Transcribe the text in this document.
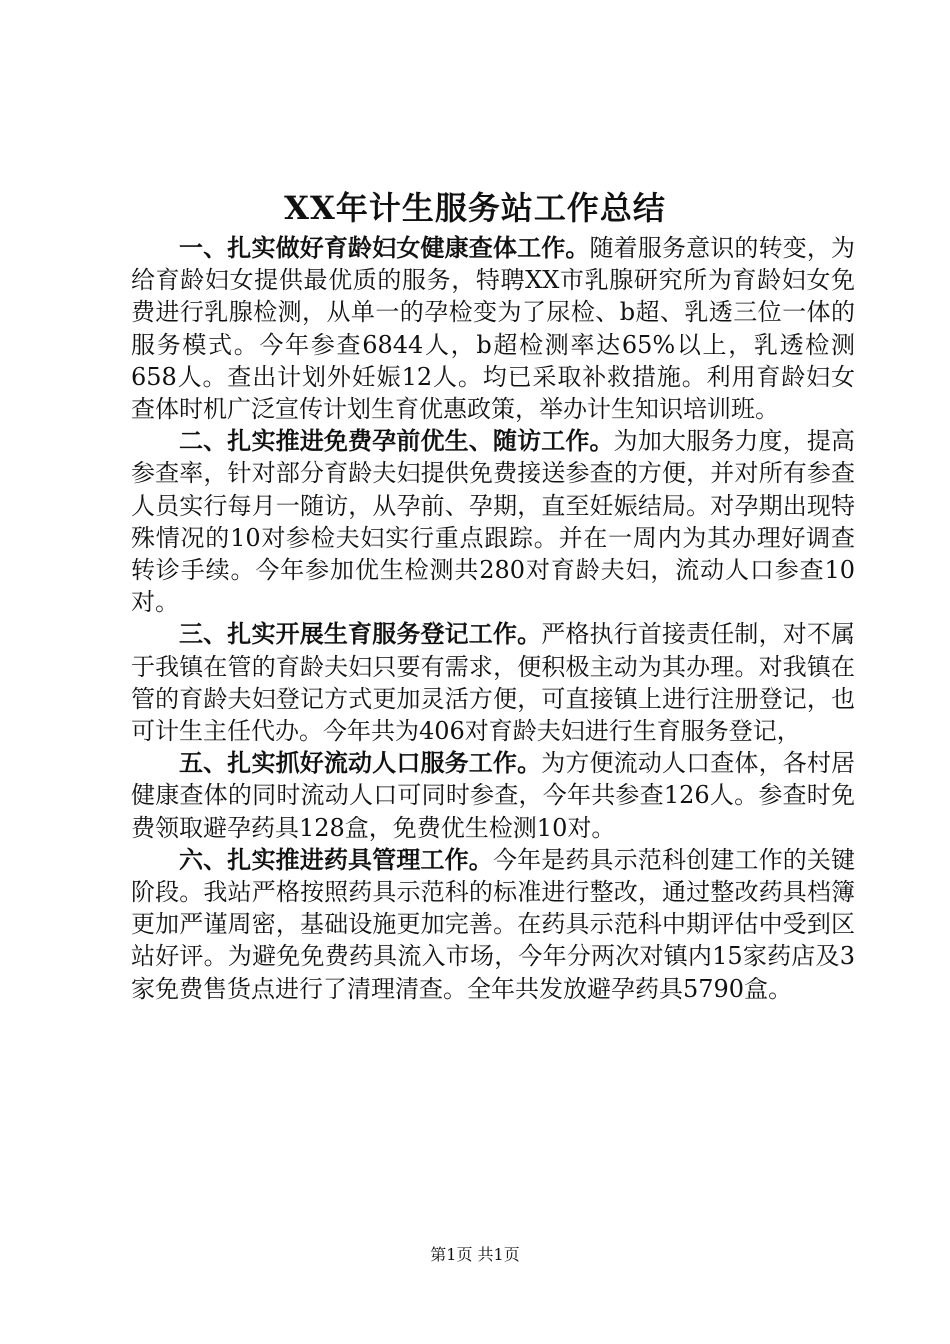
XX年计生服务站工作总结

一、扎实做好育龄妇女健康查体工作。随着服务意识的转变，为给育龄妇女提供最优质的服务，特聘XX市乳腺研究所为育龄妇女免费进行乳腺检测，从单一的孕检变为了尿检、b超、乳透三位一体的服务模式。今年参查6844人，b超检测率达65%以上，乳透检测658人。查出计划外妊娠12人。均已采取补救措施。利用育龄妇女查体时机广泛宣传计划生育优惠政策，举办计生知识培训班。

二、扎实推进免费孕前优生、随访工作。为加大服务力度，提高参查率，针对部分育龄夫妇提供免费接送参查的方便，并对所有参查人员实行每月一随访，从孕前、孕期，直至妊娠结局。对孕期出现特殊情况的10对参检夫妇实行重点跟踪。并在一周内为其办理好调查转诊手续。今年参加优生检测共280对育龄夫妇，流动人口参查10对。

三、扎实开展生育服务登记工作。严格执行首接责任制，对不属于我镇在管的育龄夫妇只要有需求，便积极主动为其办理。对我镇在管的育龄夫妇登记方式更加灵活方便，可直接镇上进行注册登记，也可计生主任代办。今年共为406对育龄夫妇进行生育服务登记，

五、扎实抓好流动人口服务工作。为方便流动人口查体，各村居健康查体的同时流动人口可同时参查，今年共参查126人。参查时免费领取避孕药具128盒，免费优生检测10对。

六、扎实推进药具管理工作。今年是药具示范科创建工作的关键阶段。我站严格按照药具示范科的标准进行整改，通过整改药具档簿更加严谨周密，基础设施更加完善。在药具示范科中期评估中受到区站好评。为避免免费药具流入市场，今年分两次对镇内15家药店及3家免费售货点进行了清理清查。全年共发放避孕药具5790盒。

第1页 共1页
